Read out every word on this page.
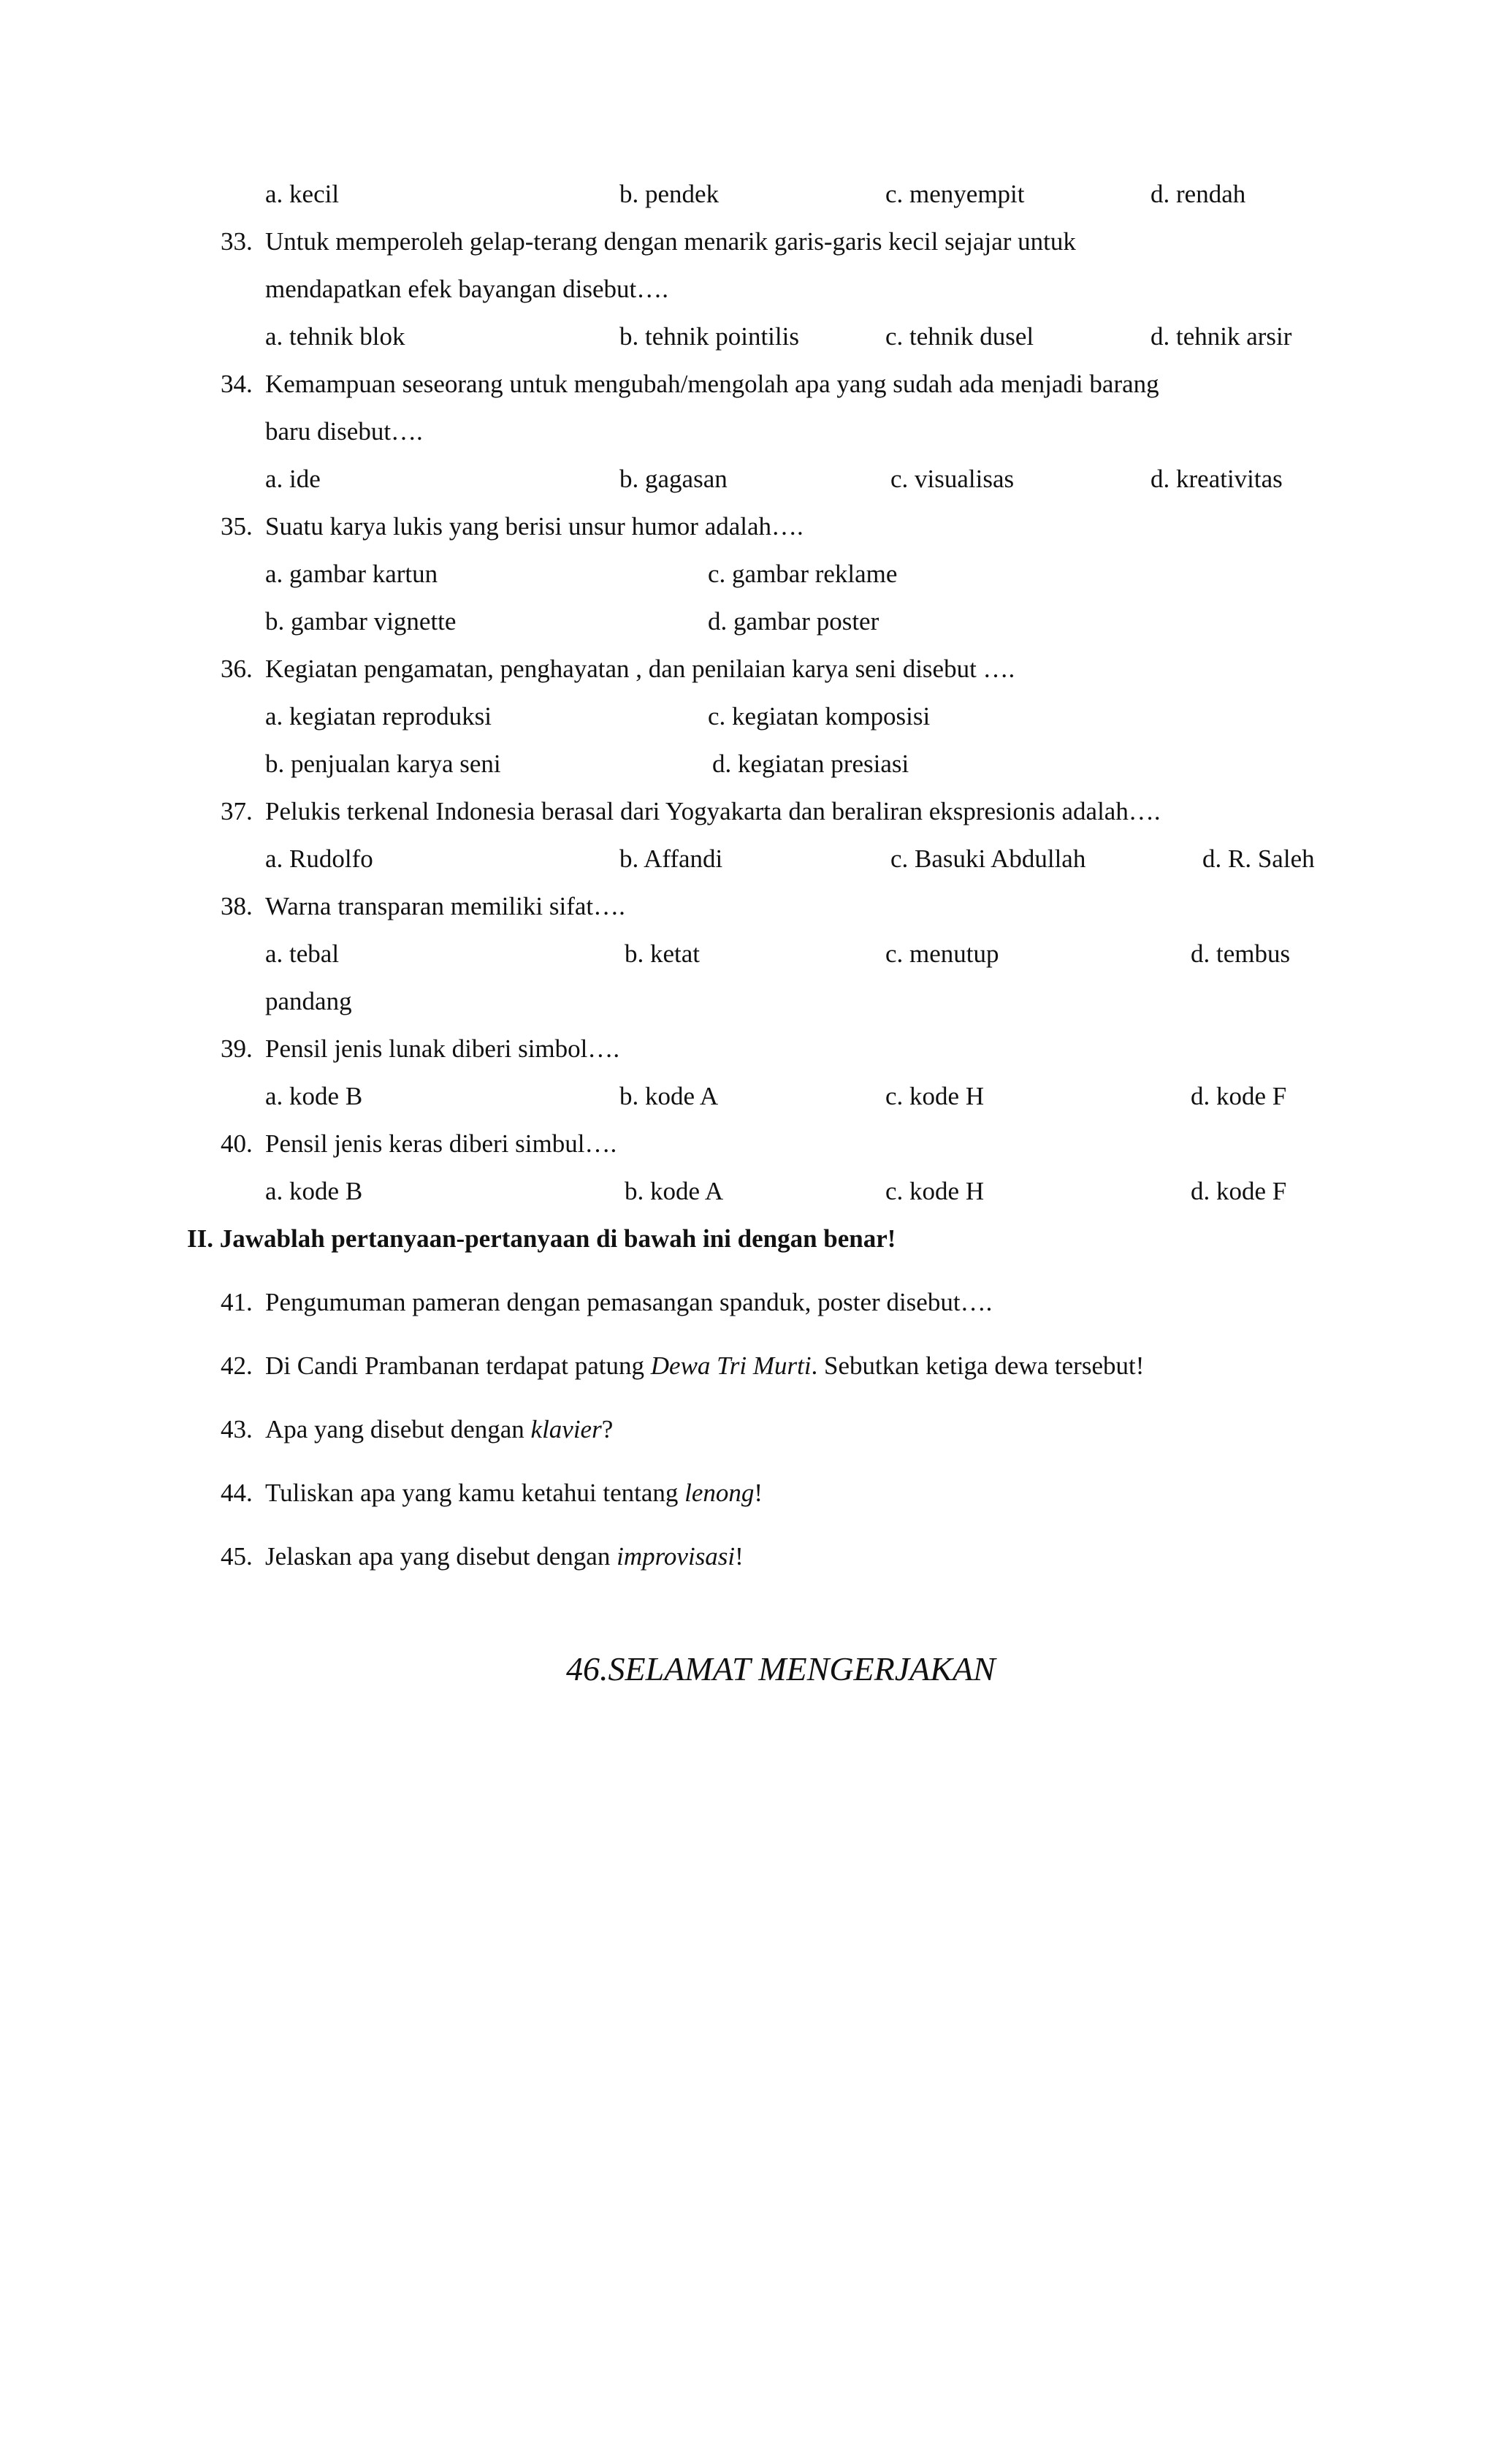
a. kecil	b. pendek	c. menyempit	d. rendah
33. Untuk memperoleh gelap-terang dengan menarik garis-garis kecil sejajar untuk
mendapatkan efek bayangan disebut….
a. tehnik blok	b. tehnik pointilis	c. tehnik dusel	d. tehnik arsir
34. Kemampuan seseorang untuk mengubah/mengolah apa yang sudah ada menjadi barang
baru disebut….
a. ide	b. gagasan	c. visualisas	d. kreativitas
35. Suatu karya lukis yang berisi unsur humor adalah….
a. gambar kartun	c. gambar reklame
b. gambar vignette	d. gambar poster
36. Kegiatan pengamatan, penghayatan , dan penilaian karya seni disebut ….
a. kegiatan reproduksi	c. kegiatan komposisi
b. penjualan karya seni	d. kegiatan presiasi
37. Pelukis terkenal Indonesia berasal dari Yogyakarta dan beraliran ekspresionis adalah….
a. Rudolfo	b. Affandi	c. Basuki Abdullah	d. R. Saleh
38. Warna transparan memiliki sifat….
a. tebal	b. ketat	c. menutup	d. tembus
pandang
39. Pensil jenis lunak diberi simbol….
a. kode B	b. kode A	c. kode H	d. kode F
40. Pensil jenis keras diberi simbul….
a. kode B	b. kode A	c. kode H	d. kode F
II. Jawablah pertanyaan-pertanyaan di bawah ini dengan benar!
41. Pengumuman pameran dengan pemasangan spanduk, poster disebut….
42. Di Candi Prambanan terdapat patung Dewa Tri Murti. Sebutkan ketiga dewa tersebut!
43. Apa yang disebut dengan klavier?
44. Tuliskan apa yang kamu ketahui tentang lenong!
45. Jelaskan apa yang disebut dengan improvisasi!
46.SELAMAT MENGERJAKAN
